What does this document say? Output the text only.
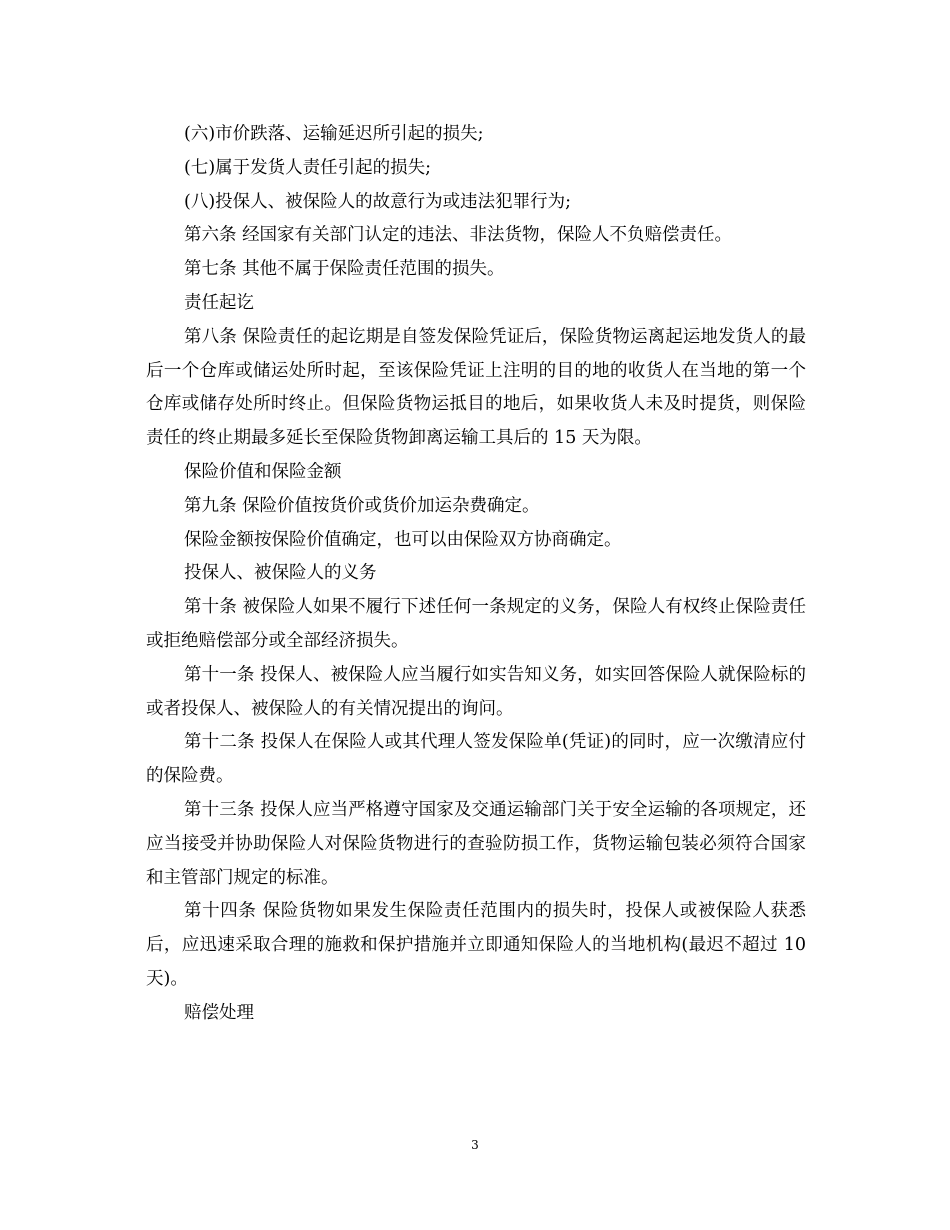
(六)市价跌落、运输延迟所引起的损失;

(七)属于发货人责任引起的损失;

(八)投保人、被保险人的故意行为或违法犯罪行为;

第六条 经国家有关部门认定的违法、非法货物，保险人不负赔偿责任。

第七条 其他不属于保险责任范围的损失。

责任起讫

第八条 保险责任的起讫期是自签发保险凭证后，保险货物运离起运地发货人的最后一个仓库或储运处所时起，至该保险凭证上注明的目的地的收货人在当地的第一个仓库或储存处所时终止。但保险货物运抵目的地后，如果收货人未及时提货，则保险责任的终止期最多延长至保险货物卸离运输工具后的 15 天为限。

保险价值和保险金额

第九条 保险价值按货价或货价加运杂费确定。

保险金额按保险价值确定，也可以由保险双方协商确定。

投保人、被保险人的义务

第十条 被保险人如果不履行下述任何一条规定的义务，保险人有权终止保险责任或拒绝赔偿部分或全部经济损失。

第十一条 投保人、被保险人应当履行如实告知义务，如实回答保险人就保险标的或者投保人、被保险人的有关情况提出的询问。

第十二条 投保人在保险人或其代理人签发保险单(凭证)的同时，应一次缴清应付的保险费。

第十三条 投保人应当严格遵守国家及交通运输部门关于安全运输的各项规定，还应当接受并协助保险人对保险货物进行的查验防损工作，货物运输包装必须符合国家和主管部门规定的标准。

第十四条 保险货物如果发生保险责任范围内的损失时，投保人或被保险人获悉后，应迅速采取合理的施救和保护措施并立即通知保险人的当地机构(最迟不超过 10 天)。

赔偿处理

3
